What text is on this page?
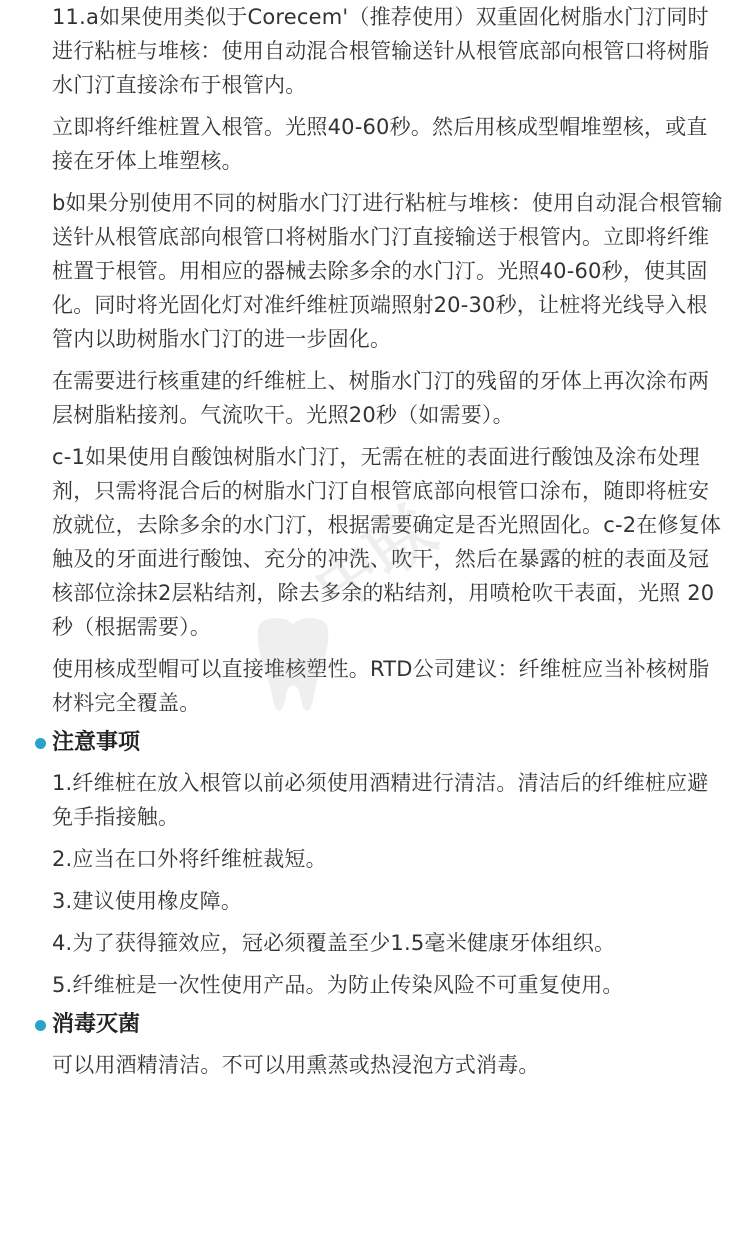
11.a如果使用类似于Corecem'（推荐使用）双重固化树脂水门汀同时进行粘桩与堆核：使用自动混合根管输送针从根管底部向根管口将树脂水门汀直接涂布于根管内。

立即将纤维桩置入根管。光照40-60秒。然后用核成型帽堆塑核，或直接在牙体上堆塑核。

b如果分别使用不同的树脂水门汀进行粘桩与堆核：使用自动混合根管输送针从根管底部向根管口将树脂水门汀直接输送于根管内。立即将纤维桩置于根管。用相应的器械去除多余的水门汀。光照40-60秒，使其固化。同时将光固化灯对准纤维桩顶端照射20-30秒，让桩将光线导入根管内以助树脂水门汀的进一步固化。

在需要进行核重建的纤维桩上、树脂水门汀的残留的牙体上再次涂布两层树脂粘接剂。气流吹干。光照20秒（如需要）。

c-1如果使用自酸蚀树脂水门汀，无需在桩的表面进行酸蚀及涂布处理剂，只需将混合后的树脂水门汀自根管底部向根管口涂布，随即将桩安放就位，去除多余的水门汀，根据需要确定是否光照固化。c-2在修复体触及的牙面进行酸蚀、充分的冲洗、吹干，然后在暴露的桩的表面及冠核部位涂抹2层粘结剂，除去多余的粘结剂，用喷枪吹干表面，光照 20秒（根据需要）。

使用核成型帽可以直接堆核塑性。RTD公司建议：纤维桩应当补核树脂材料完全覆盖。

注意事项

1.纤维桩在放入根管以前必须使用酒精进行清洁。清洁后的纤维桩应避免手指接触。

2.应当在口外将纤维桩裁短。

3.建议使用橡皮障。

4.为了获得箍效应，冠必须覆盖至少1.5毫米健康牙体组织。

5.纤维桩是一次性使用产品。为防止传染风险不可重复使用。

消毒灭菌

可以用酒精清洁。不可以用熏蒸或热浸泡方式消毒。

中联
